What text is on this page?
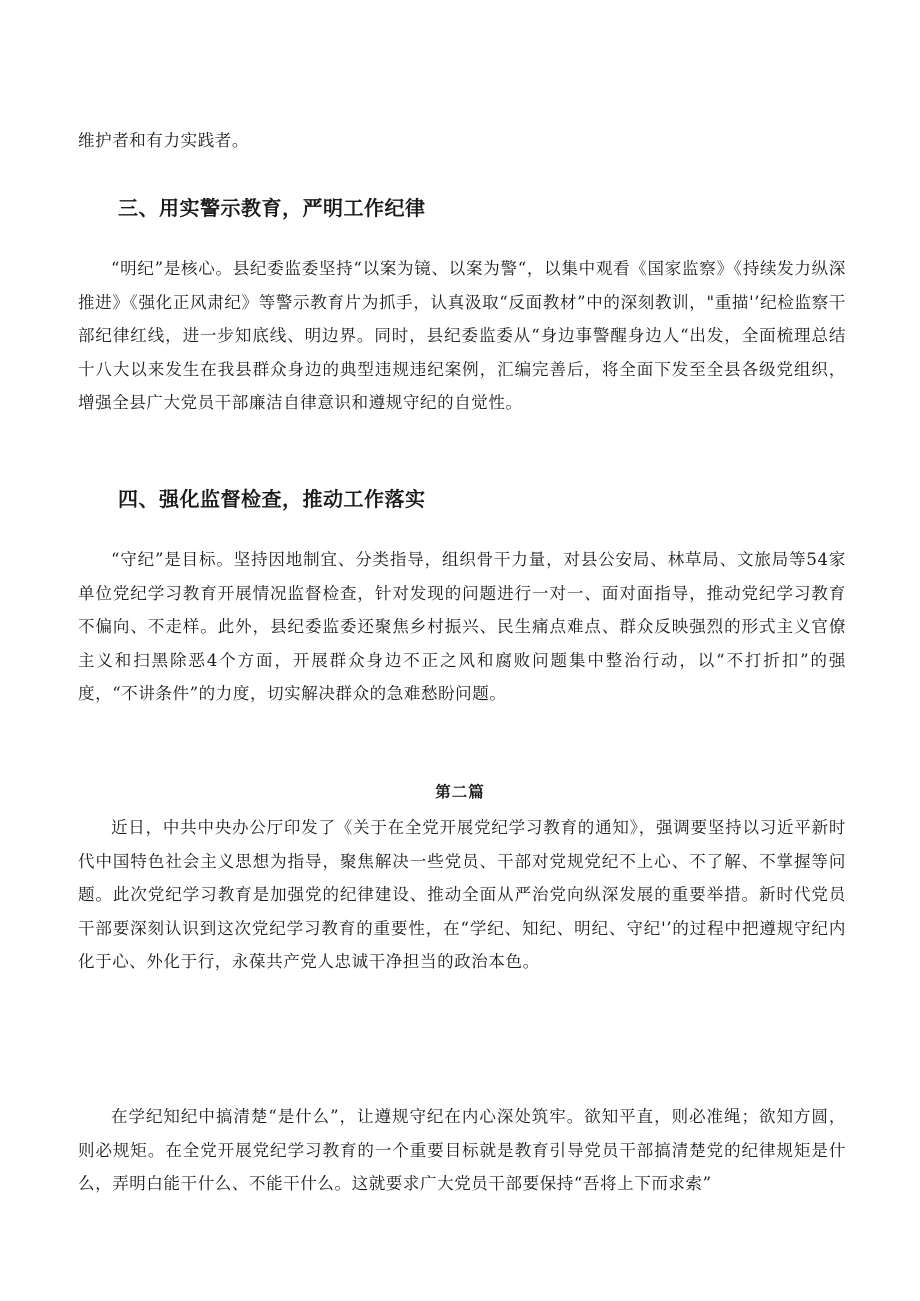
维护者和有力实践者。

三、用实警示教育，严明工作纪律

“明纪”是核心。县纪委监委坚持“以案为镜、以案为警“，以集中观看《国家监察》《持续发力纵深推进》《强化正风肃纪》等警示教育片为抓手，认真汲取“反面教材”中的深刻教训，"重描'’纪检监察干部纪律红线，进一步知底线、明边界。同时，县纪委监委从“身边事警醒身边人“出发，全面梳理总结十八大以来发生在我县群众身边的典型违规违纪案例，汇编完善后，将全面下发至全县各级党组织，增强全县广大党员干部廉洁自律意识和遵规守纪的自觉性。

四、强化监督检查，推动工作落实

“守纪”是目标。坚持因地制宜、分类指导，组织骨干力量，对县公安局、林草局、文旅局等54家单位党纪学习教育开展情况监督检查，针对发现的问题进行一对一、面对面指导，推动党纪学习教育不偏向、不走样。此外，县纪委监委还聚焦乡村振兴、民生痛点难点、群众反映强烈的形式主义官僚主义和扫黑除恶4个方面，开展群众身边不正之风和腐败问题集中整治行动，以“不打折扣”的强度，“不讲条件”的力度，切实解决群众的急难愁盼问题。

第二篇

近日，中共中央办公厅印发了《关于在全党开展党纪学习教育的通知》，强调要坚持以习近平新时代中国特色社会主义思想为指导，聚焦解决一些党员、干部对党规党纪不上心、不了解、不掌握等问题。此次党纪学习教育是加强党的纪律建设、推动全面从严治党向纵深发展的重要举措。新时代党员干部要深刻认识到这次党纪学习教育的重要性，在“学纪、知纪、明纪、守纪'’的过程中把遵规守纪内化于心、外化于行，永葆共产党人忠诚干净担当的政治本色。

在学纪知纪中搞清楚“是什么”，让遵规守纪在内心深处筑牢。欲知平直，则必准绳；欲知方圆，则必规矩。在全党开展党纪学习教育的一个重要目标就是教育引导党员干部搞清楚党的纪律规矩是什么，弄明白能干什么、不能干什么。这就要求广大党员干部要保持“吾将上下而求索”
